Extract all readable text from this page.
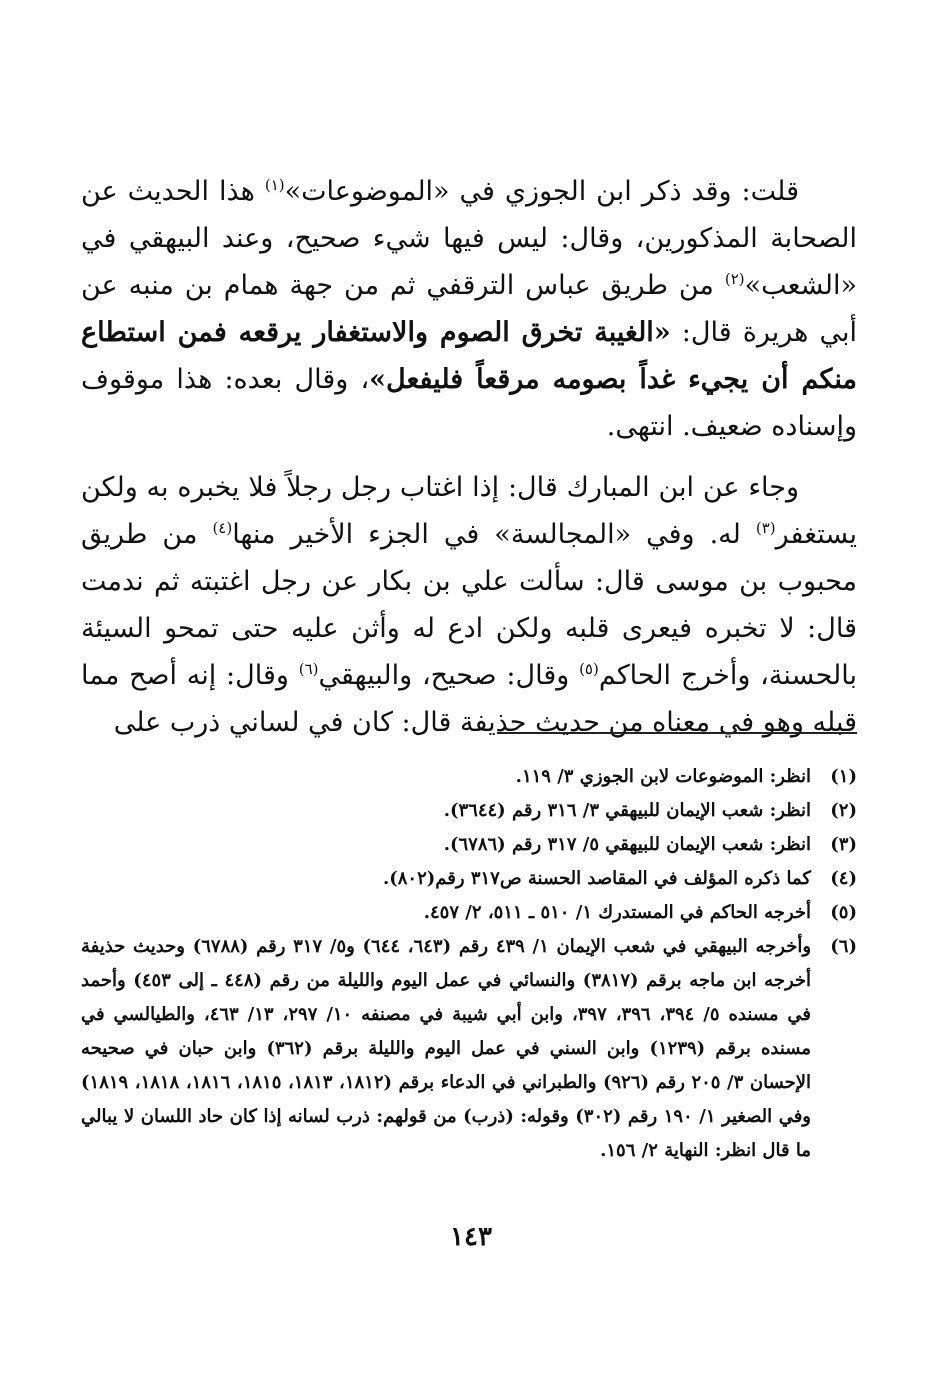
قلت: وقد ذكر ابن الجوزي في «الموضوعات»$^{(١)}$ هذا الحديث عن الصحابة المذكورين، وقال: ليس فيها شيء صحيح، وعند البيهقي في «الشعب»$^{(٢)}$ من طريق عباس الترقفي ثم من جهة همام بن منبه عن أبي هريرة قال: «الغيبة تخرق الصوم والاستغفار يرقعه فمن استطاع منكم أن يجيء غداً بصومه مرقعاً فليفعل»، وقال بعده: هذا موقوف وإسناده ضعيف. انتهى.

وجاء عن ابن المبارك قال: إذا اغتاب رجل رجلاً فلا يخبره به ولكن يستغفر$^{(٣)}$ له. وفي «المجالسة» في الجزء الأخير منها$^{(٤)}$ من طريق محبوب بن موسى قال: سألت علي بن بكار عن رجل اغتبته ثم ندمت قال: لا تخبره فيعرى قلبه ولكن ادع له وأثن عليه حتى تمحو السيئة بالحسنة، وأخرج الحاكم$^{(٥)}$ وقال: صحيح، والبيهقي$^{(٦)}$ وقال: إنه أصح مما قبله وهو في معناه من حديث حذيفة قال: كان في لساني ذرب على

(١)
انظر: الموضوعات لابن الجوزي ٣/ ١١٩.
(٢)
انظر: شعب الإيمان للبيهقي ٣/ ٣١٦ رقم (٣٦٤٤).
(٣)
انظر: شعب الإيمان للبيهقي ٥/ ٣١٧ رقم (٦٧٨٦).
(٤)
كما ذكره المؤلف في المقاصد الحسنة ص٣١٧ رقم(٨٠٢).
(٥)
أخرجه الحاكم في المستدرك ١/ ٥١٠ ـ ٥١١، ٢/ ٤٥٧.
(٦)
وأخرجه البيهقي في شعب الإيمان ١/ ٤٣٩ رقم (٦٤٣، ٦٤٤) و٥/ ٣١٧ رقم (٦٧٨٨) وحديث حذيفة أخرجه ابن ماجه برقم (٣٨١٧) والنسائي في عمل اليوم والليلة من رقم (٤٤٨ ـ إلى ٤٥٣) وأحمد في مسنده ٥/ ٣٩٤، ٣٩٦، ٣٩٧، وابن أبي شيبة في مصنفه ١٠/ ٢٩٧، ١٣/ ٤٦٣، والطيالسي في مسنده برقم (١٢٣٩) وابن السني في عمل اليوم والليلة برقم (٣٦٢) وابن حبان في صحيحه الإحسان ٣/ ٢٠٥ رقم (٩٢٦) والطبراني في الدعاء برقم (١٨١٢، ١٨١٣، ١٨١٥، ١٨١٦، ١٨١٨، ١٨١٩) وفي الصغير ١/ ١٩٠ رقم (٣٠٢) وقوله: (ذرب) من قولهم: ذرب لسانه إذا كان حاد اللسان لا يبالي ما قال انظر: النهاية ٢/ ١٥٦.
١٤٣
